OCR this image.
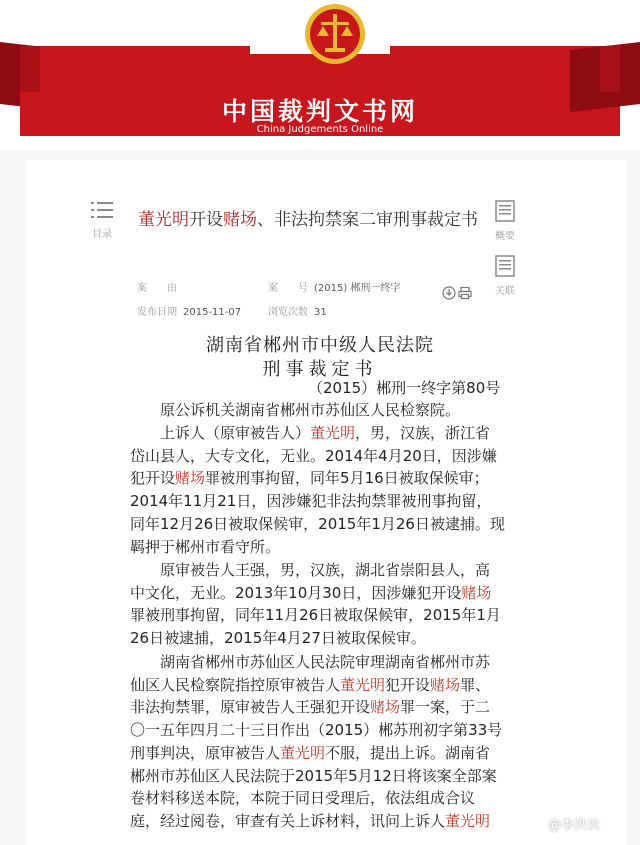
中国裁判文书网
China Judgements Online
目录	概要
关联
董光明开设赌场、非法拘禁案二审刑事裁定书
案　　由	案　　号 (2015) 郴刑一终字
发布日期 2015-11-07	浏览次数 31
湖南省郴州市中级人民法院
刑事裁定书
（2015）郴刑一终字第80号
　　原公诉机关湖南省郴州市苏仙区人民检察院。
　　上诉人（原审被告人）董光明，男，汉族，浙江省
岱山县人，大专文化，无业。2014年4月20日，因涉嫌
犯开设赌场罪被刑事拘留，同年5月16日被取保候审；
2014年11月21日，因涉嫌犯非法拘禁罪被刑事拘留，
同年12月26日被取保候审，2015年1月26日被逮捕。现
羁押于郴州市看守所。
　　原审被告人王强，男，汉族，湖北省崇阳县人，高
中文化，无业。2013年10月30日，因涉嫌犯开设赌场
罪被刑事拘留，同年11月26日被取保候审，2015年1月
26日被逮捕，2015年4月27日被取保候审。
　　湖南省郴州市苏仙区人民法院审理湖南省郴州市苏
仙区人民检察院指控原审被告人董光明犯开设赌场罪、
非法拘禁罪，原审被告人王强犯开设赌场罪一案，于二
〇一五年四月二十三日作出（2015）郴苏刑初字第33号
刑事判决，原审被告人董光明不服，提出上诉。湖南省
郴州市苏仙区人民法院于2015年5月12日将该案全部案
卷材料移送本院，本院于同日受理后，依法组成合议
庭，经过阅卷，审查有关上诉材料，讯问上诉人董光明	@李洪伙
